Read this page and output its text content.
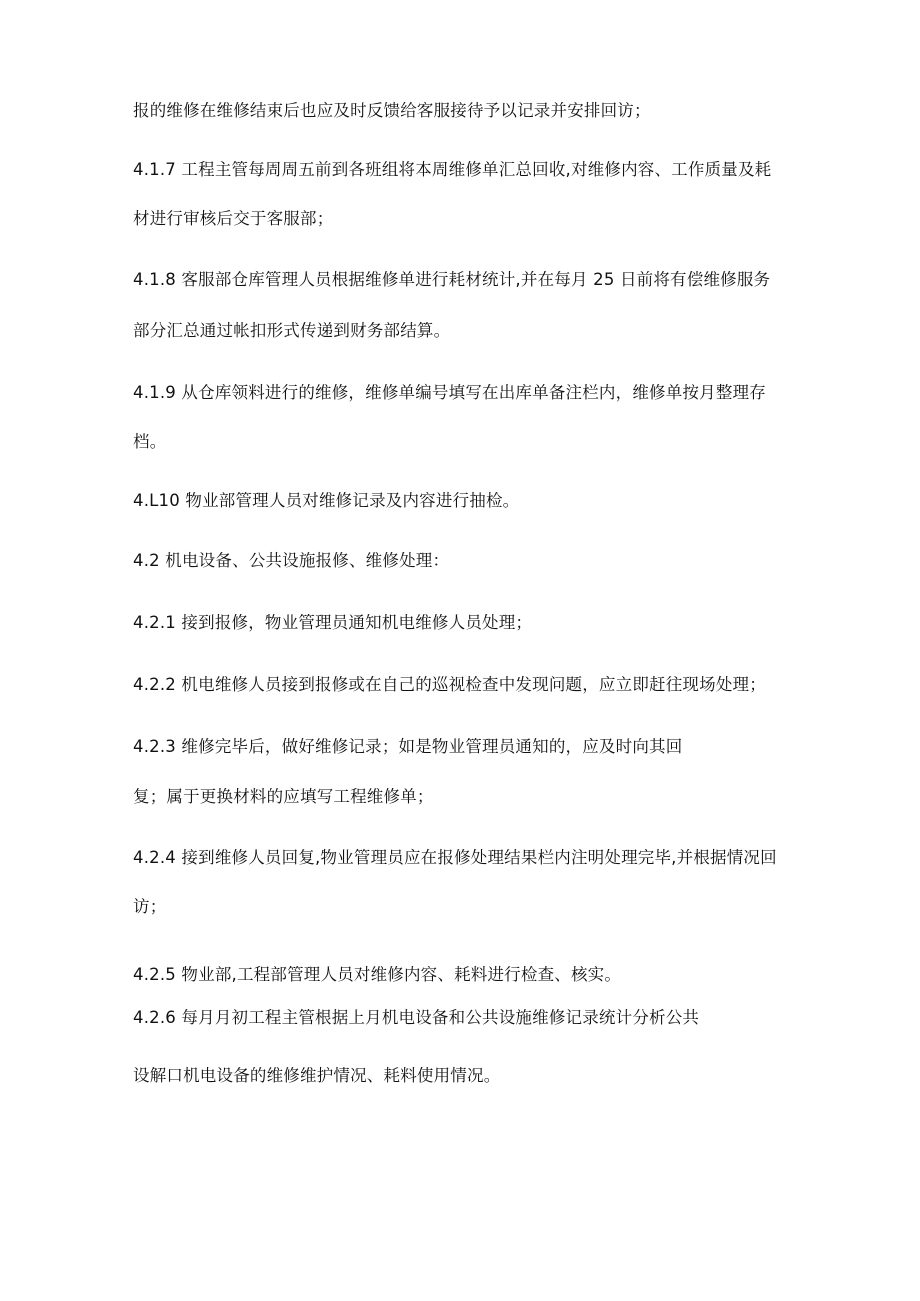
报的维修在维修结束后也应及时反馈给客服接待予以记录并安排回访；
4.1.7 工程主管每周周五前到各班组将本周维修单汇总回收,对维修内容、工作质量及耗
材进行审核后交于客服部；
4.1.8 客服部仓库管理人员根据维修单进行耗材统计,并在每月 25 日前将有偿维修服务
部分汇总通过帐扣形式传递到财务部结算。
4.1.9 从仓库领料进行的维修，维修单编号填写在出库单备注栏内，维修单按月整理存
档。
4.L10 物业部管理人员对维修记录及内容进行抽检。
4.2 机电设备、公共设施报修、维修处理：
4.2.1 接到报修，物业管理员通知机电维修人员处理；
4.2.2 机电维修人员接到报修或在自己的巡视检查中发现问题，应立即赶往现场处理；
4.2.3 维修完毕后，做好维修记录；如是物业管理员通知的，应及时向其回
复；属于更换材料的应填写工程维修单；
4.2.4 接到维修人员回复,物业管理员应在报修处理结果栏内注明处理完毕,并根据情况回
访；
4.2.5 物业部,工程部管理人员对维修内容、耗料进行检查、核实。
4.2.6 每月月初工程主管根据上月机电设备和公共设施维修记录统计分析公共
设解口机电设备的维修维护情况、耗料使用情况。
